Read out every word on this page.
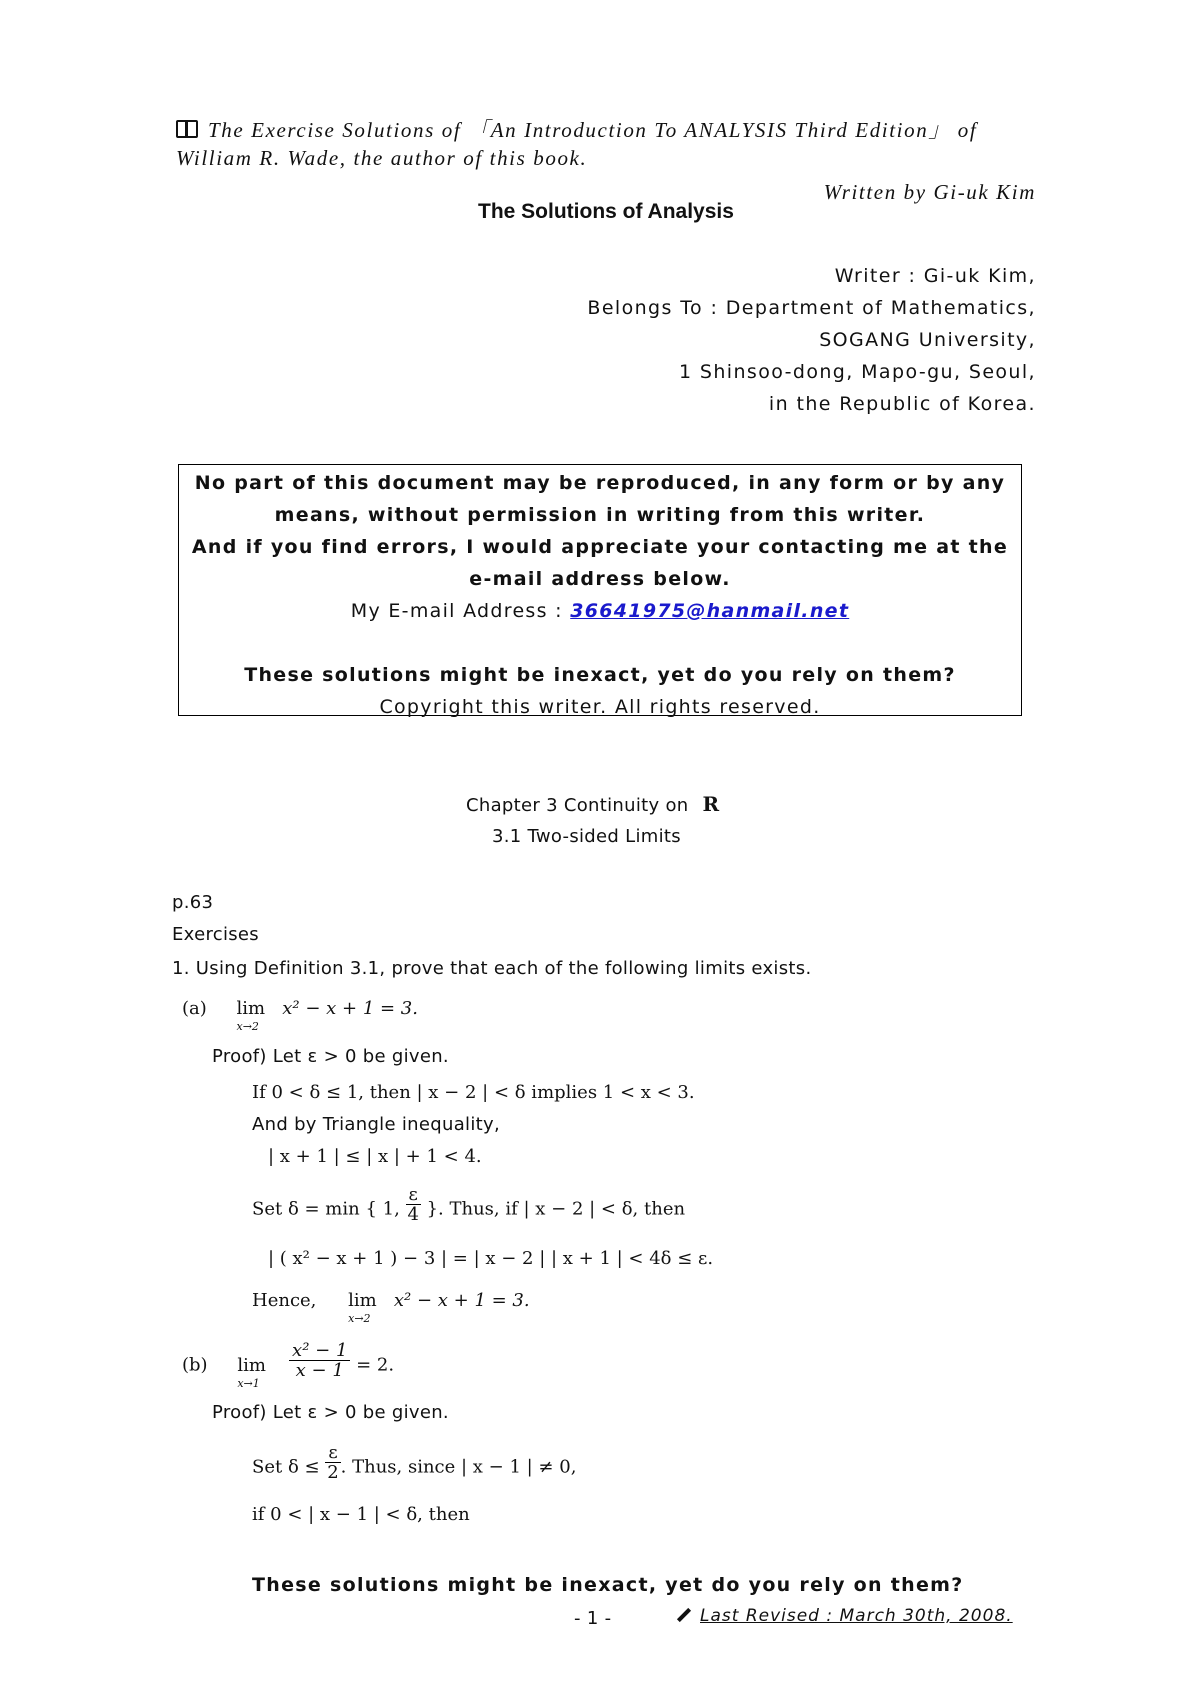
The Exercise Solutions of 「An Introduction To ANALYSIS Third Edition」 of
William R. Wade, the author of this book.
Written by Gi-uk Kim
The Solutions of Analysis
Writer : Gi-uk Kim,
Belongs To : Department of Mathematics,
SOGANG University,
1 Shinsoo-dong, Mapo-gu, Seoul,
in the Republic of Korea.
No part of this document may be reproduced, in any form or by any
means, without permission in writing from this writer.
And if you find errors, I would appreciate your contacting me at the
e-mail address below.
My E-mail Address : 36641975@hanmail.net
These solutions might be inexact, yet do you rely on them?
Copyright this writer. All rights reserved.
Chapter 3 Continuity on R
3.1 Two-sided Limits
p.63
Exercises
1. Using Definition 3.1, prove that each of the following limits exists.
(a) lim
x→2
x² − x + 1 = 3.
Proof) Let ε > 0 be given.
If 0 < δ ≤ 1, then | x − 2 | < δ implies 1 < x < 3.
And by Triangle inequality,
| x + 1 | ≤ | x | + 1 < 4.
Set δ = min { 1, $\frac{\varepsilon}{4}$ }. Thus, if | x − 2 | < δ, then
| ( x² − x + 1 ) − 3 | = | x − 2 | | x + 1 | < 4δ ≤ ε.
Hence, lim
x→2
x² − x + 1 = 3.
(b) lim
x→1

$\frac{\text{x² − 1}}{x - 1} = 2$.
Proof) Let ε > 0 be given.
Set $\delta \le \frac{\varepsilon}{2}$ . Thus, since | x − 1 | ≠ 0,
if 0 < | x − 1 | < δ, then
These solutions might be inexact, yet do you rely on them?
- 1 -	Last Revised : March 30th, 2008.
